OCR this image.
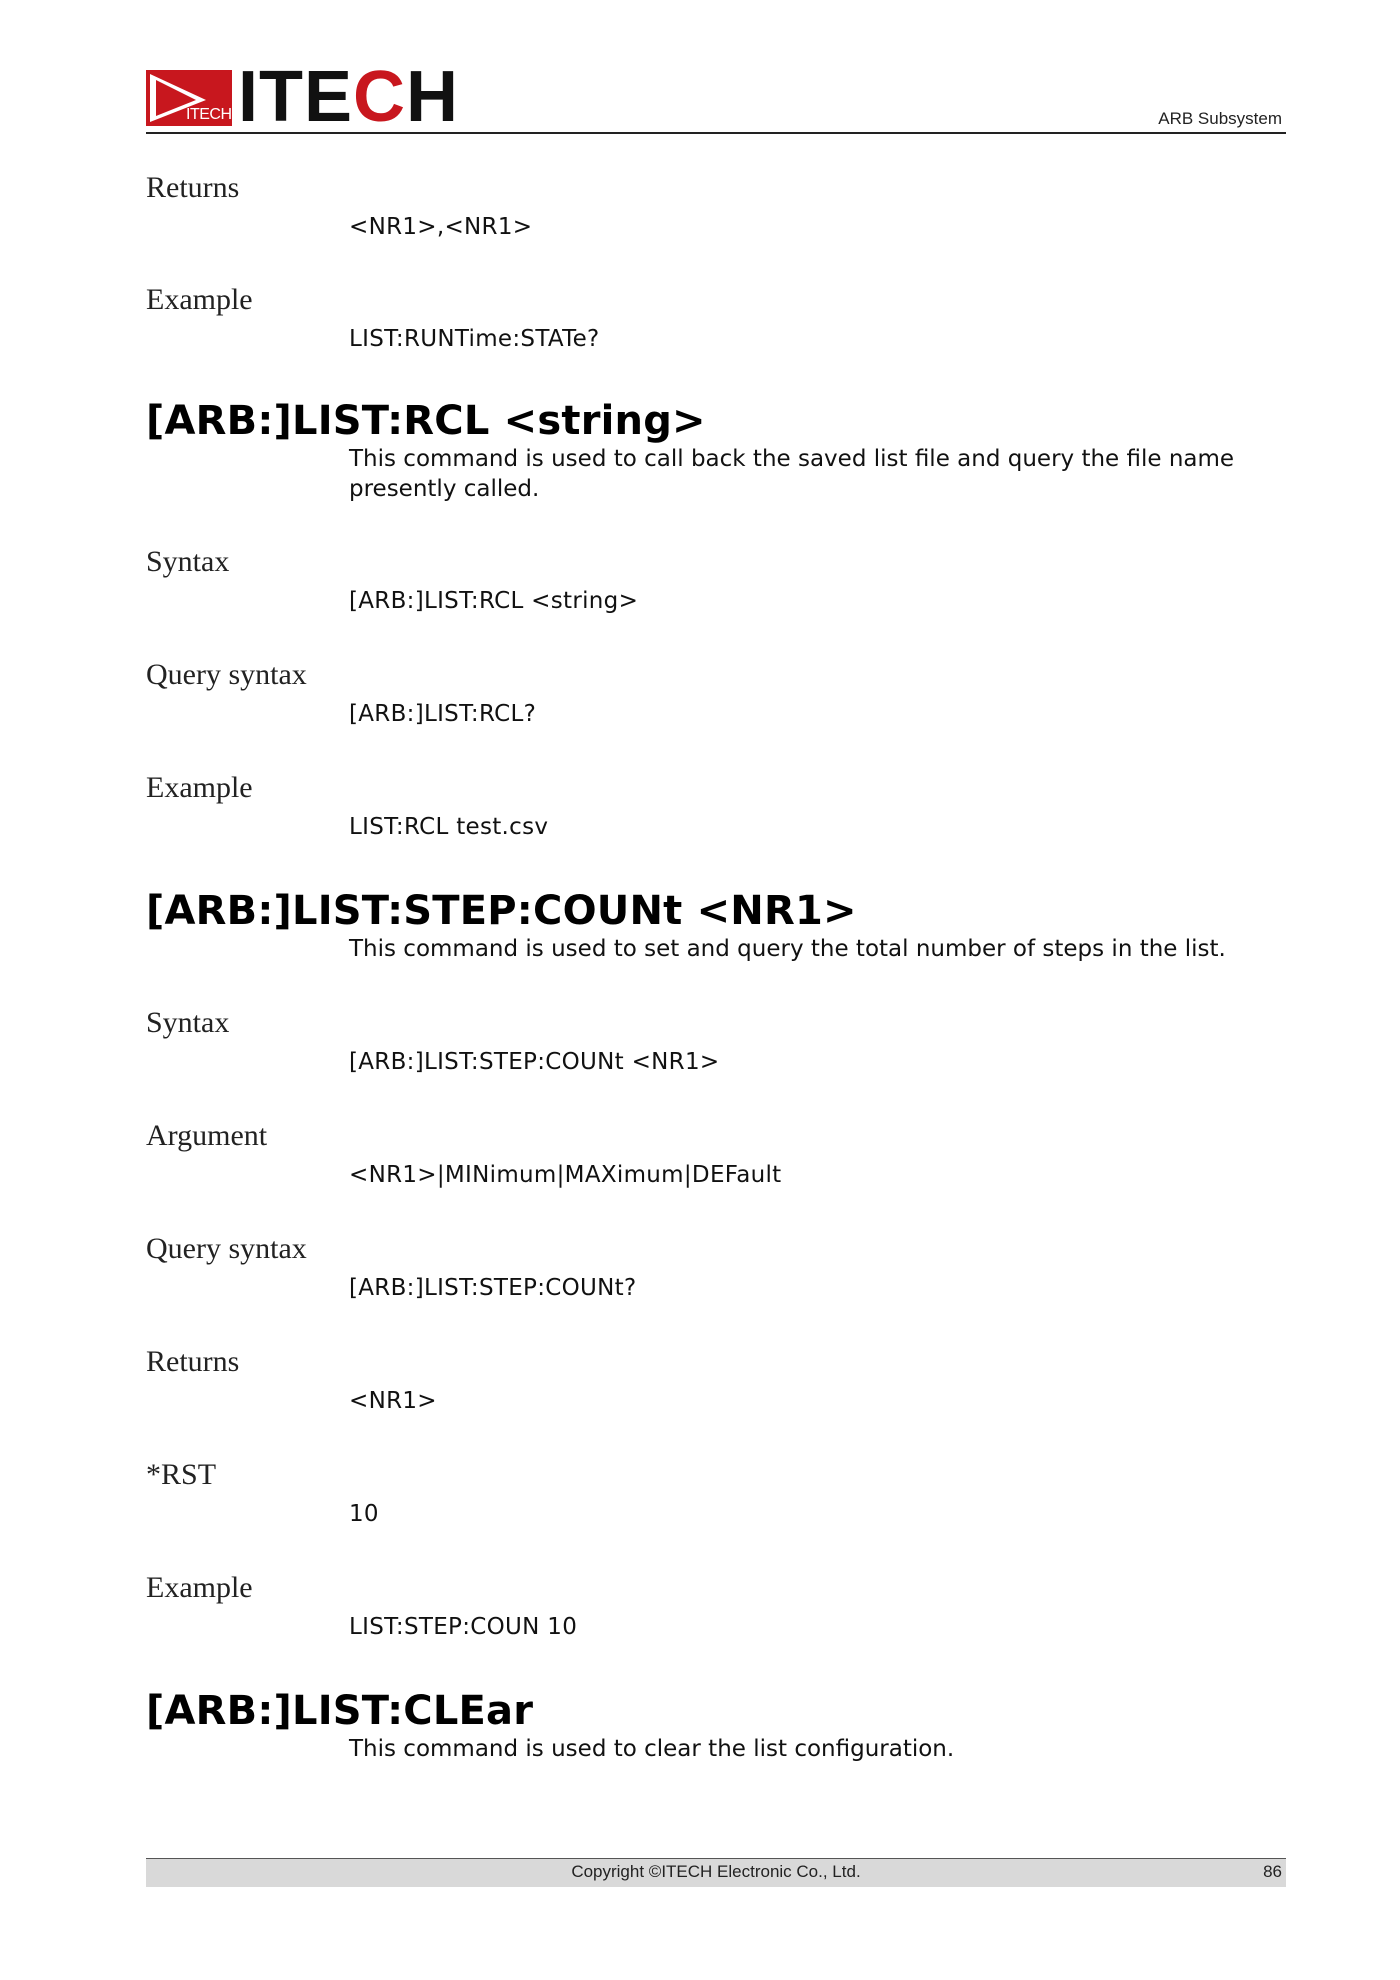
ITECH ITECH	ARB Subsystem

Returns

<NR1>,<NR1>

Example

LIST:RUNTime:STATe?

[ARB:]LIST:RCL <string>

This command is used to call back the saved list file and query the file name presently called.

Syntax

[ARB:]LIST:RCL <string>

Query syntax

[ARB:]LIST:RCL?

Example

LIST:RCL test.csv

[ARB:]LIST:STEP:COUNt <NR1>

This command is used to set and query the total number of steps in the list.

Syntax

[ARB:]LIST:STEP:COUNt <NR1>

Argument

<NR1>|MINimum|MAXimum|DEFault

Query syntax

[ARB:]LIST:STEP:COUNt?

Returns

<NR1>

*RST

10

Example

LIST:STEP:COUN 10

[ARB:]LIST:CLEar

This command is used to clear the list configuration.

Copyright ©ITECH Electronic Co., Ltd.	86
